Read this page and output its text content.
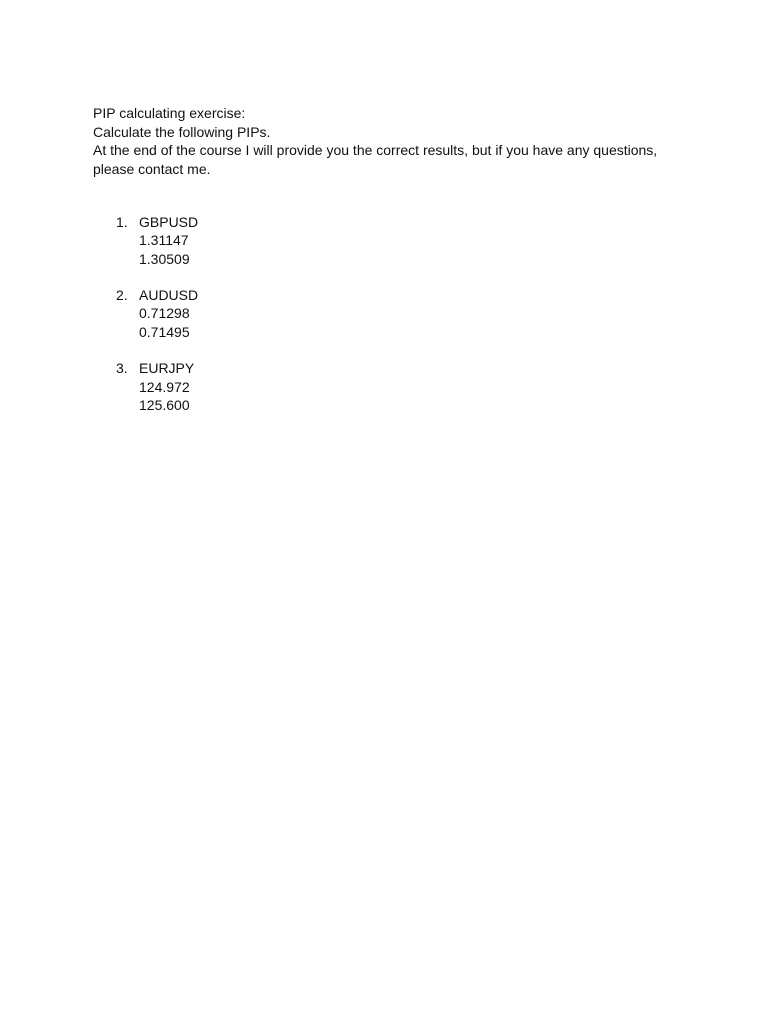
PIP calculating exercise:

Calculate the following PIPs.

At the end of the course I will provide you the correct results, but if you have any questions, please contact me.

1. GBPUSD
1.31147
1.30509
2. AUDUSD
0.71298
0.71495
3. EURJPY
124.972
125.600
